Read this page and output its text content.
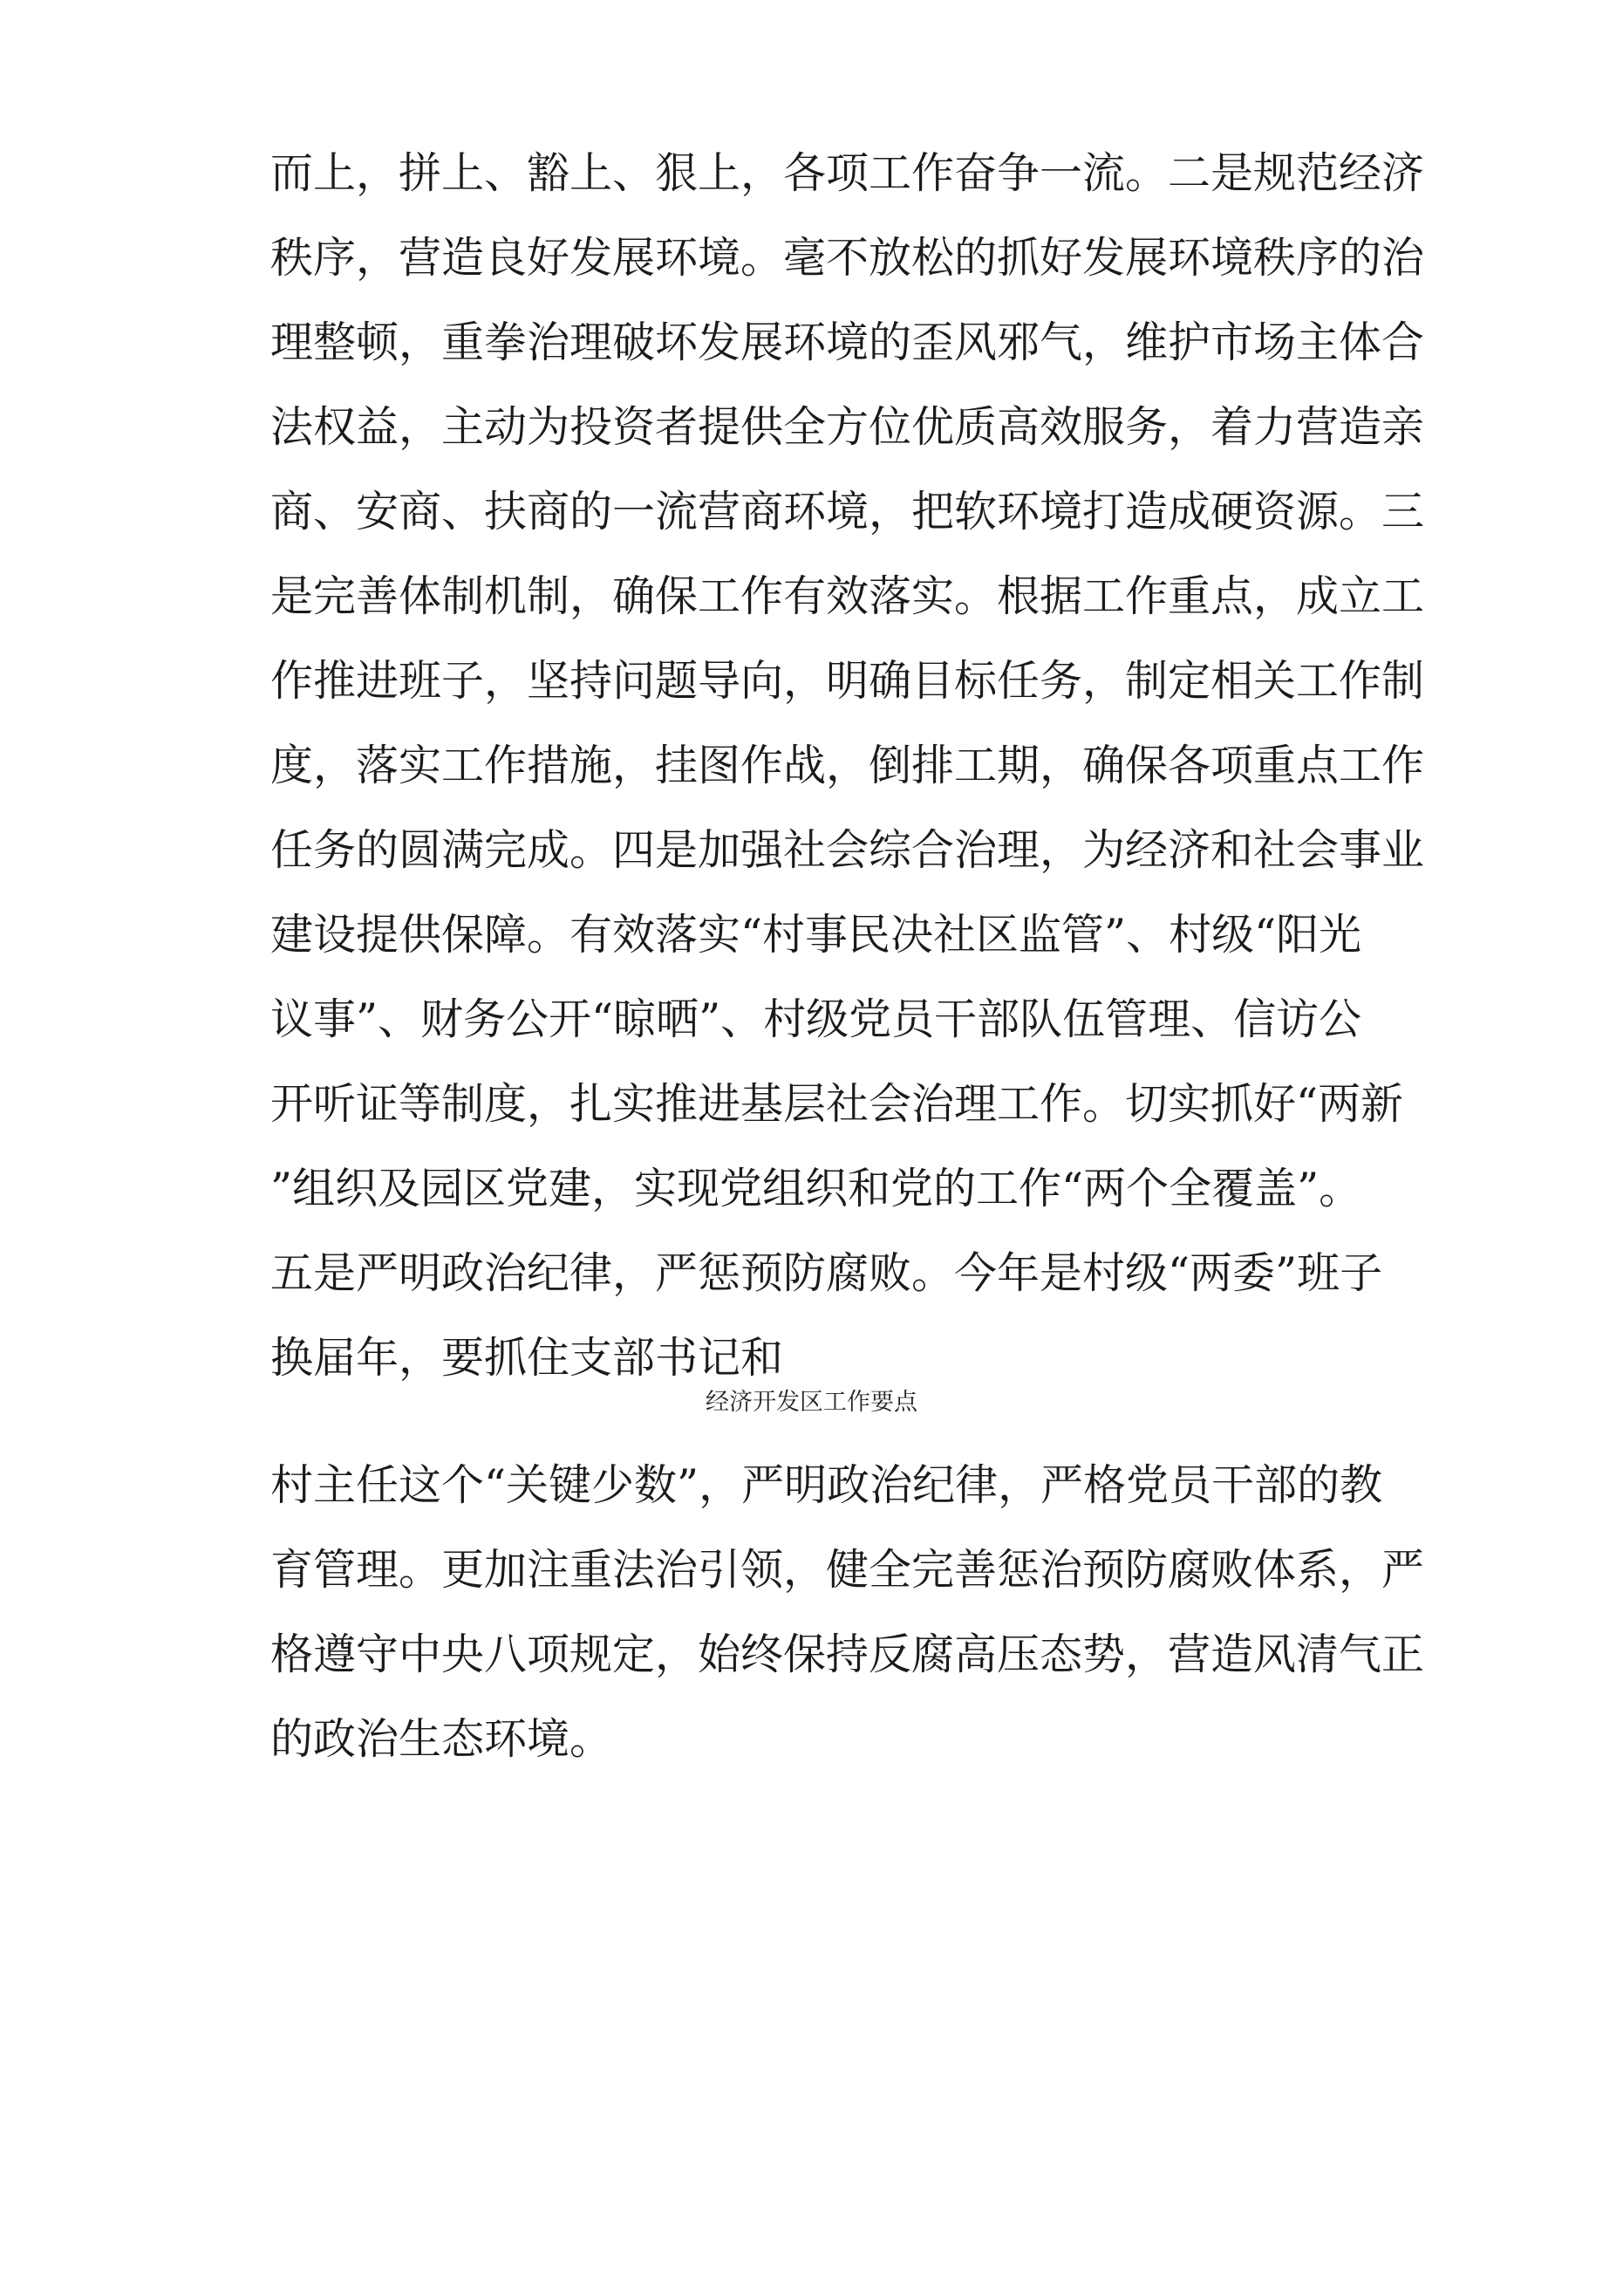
而上，拼上、豁上、狠上，各项工作奋争一流。二是规范经济
秩序，营造良好发展环境。毫不放松的抓好发展环境秩序的治
理整顿，重拳治理破坏发展环境的歪风邪气，维护市场主体合
法权益，主动为投资者提供全方位优质高效服务，着力营造亲
商、安商、扶商的一流营商环境，把软环境打造成硬资源。三
是完善体制机制，确保工作有效落实。根据工作重点，成立工
作推进班子，坚持问题导向，明确目标任务，制定相关工作制
度，落实工作措施，挂图作战，倒排工期，确保各项重点工作
任务的圆满完成。四是加强社会综合治理，为经济和社会事业
建设提供保障。有效落实“村事民决社区监管”、村级“阳光
议事”、财务公开“晾晒”、村级党员干部队伍管理、信访公
开听证等制度，扎实推进基层社会治理工作。切实抓好“两新
”组织及园区党建，实现党组织和党的工作“两个全覆盖”。
五是严明政治纪律，严惩预防腐败。今年是村级“两委”班子
换届年，要抓住支部书记和
经济开发区工作要点
村主任这个“关键少数”，严明政治纪律，严格党员干部的教
育管理。更加注重法治引领，健全完善惩治预防腐败体系，严
格遵守中央八项规定，始终保持反腐高压态势，营造风清气正
的政治生态环境。
